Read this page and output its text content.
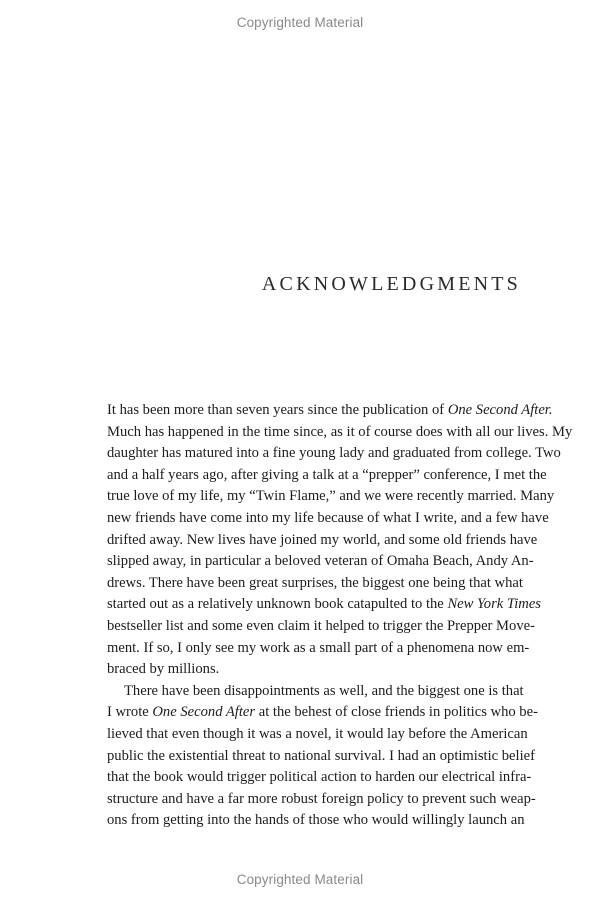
Copyrighted Material
ACKNOWLEDGMENTS
It has been more than seven years since the publication of One Second After.
Much has happened in the time since, as it of course does with all our lives. My
daughter has matured into a fine young lady and graduated from college. Two
and a half years ago, after giving a talk at a “prepper” conference, I met the
true love of my life, my “Twin Flame,” and we were recently married. Many
new friends have come into my life because of what I write, and a few have
drifted away. New lives have joined my world, and some old friends have
slipped away, in particular a beloved veteran of Omaha Beach, Andy An-
drews. There have been great surprises, the biggest one being that what
started out as a relatively unknown book catapulted to the New York Times
bestseller list and some even claim it helped to trigger the Prepper Move-
ment. If so, I only see my work as a small part of a phenomena now em-
braced by millions.
There have been disappointments as well, and the biggest one is that
I wrote One Second After at the behest of close friends in politics who be-
lieved that even though it was a novel, it would lay before the American
public the existential threat to national survival. I had an optimistic belief
that the book would trigger political action to harden our electrical infra-
structure and have a far more robust foreign policy to prevent such weap-
ons from getting into the hands of those who would willingly launch an
Copyrighted Material
